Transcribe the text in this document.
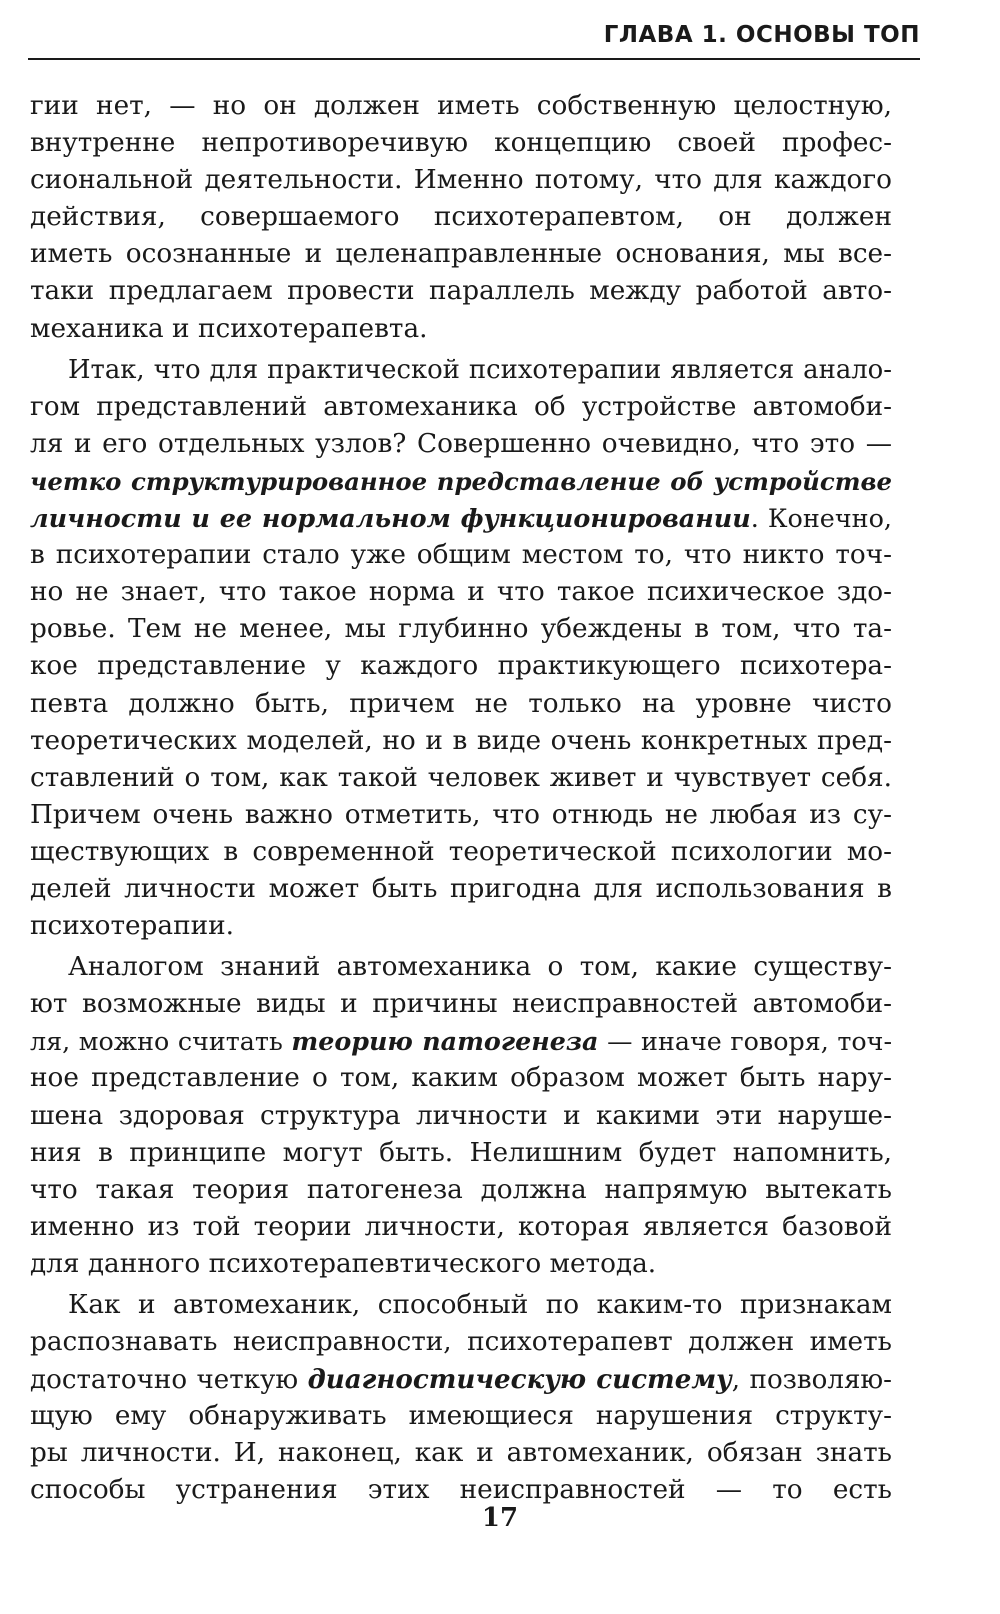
ГЛАВА 1. ОСНОВЫ ТОП
гии нет, — но он должен иметь собственную целостную,
внутренне непротиворечивую концепцию своей профес-
сиональной деятельности. Именно потому, что для каждого
действия, совершаемого психотерапевтом, он должен
иметь осознанные и целенаправленные основания, мы все-
таки предлагаем провести параллель между работой авто-
механика и психотерапевта.
Итак, что для практической психотерапии является анало-
гом представлений автомеханика об устройстве автомоби-
ля и его отдельных узлов? Совершенно очевидно, что это —
четко структурированное представление об устройстве
личности и ее нормальном функционировании. Конечно,
в психотерапии стало уже общим местом то, что никто точ-
но не знает, что такое норма и что такое психическое здо-
ровье. Тем не менее, мы глубинно убеждены в том, что та-
кое представление у каждого практикующего психотера-
певта должно быть, причем не только на уровне чисто
теоретических моделей, но и в виде очень конкретных пред-
ставлений о том, как такой человек живет и чувствует себя.
Причем очень важно отметить, что отнюдь не любая из су-
ществующих в современной теоретической психологии мо-
делей личности может быть пригодна для использования в
психотерапии.
Аналогом знаний автомеханика о том, какие существу-
ют возможные виды и причины неисправностей автомоби-
ля, можно считать теорию патогенеза — иначе говоря, точ-
ное представление о том, каким образом может быть нару-
шена здоровая структура личности и какими эти наруше-
ния в принципе могут быть. Нелишним будет напомнить,
что такая теория патогенеза должна напрямую вытекать
именно из той теории личности, которая является базовой
для данного психотерапевтического метода.
Как и автомеханик, способный по каким-то признакам
распознавать неисправности, психотерапевт должен иметь
достаточно четкую диагностическую систему, позволяю-
щую ему обнаруживать имеющиеся нарушения структу-
ры личности. И, наконец, как и автомеханик, обязан знать
способы устранения этих неисправностей — то есть
17
